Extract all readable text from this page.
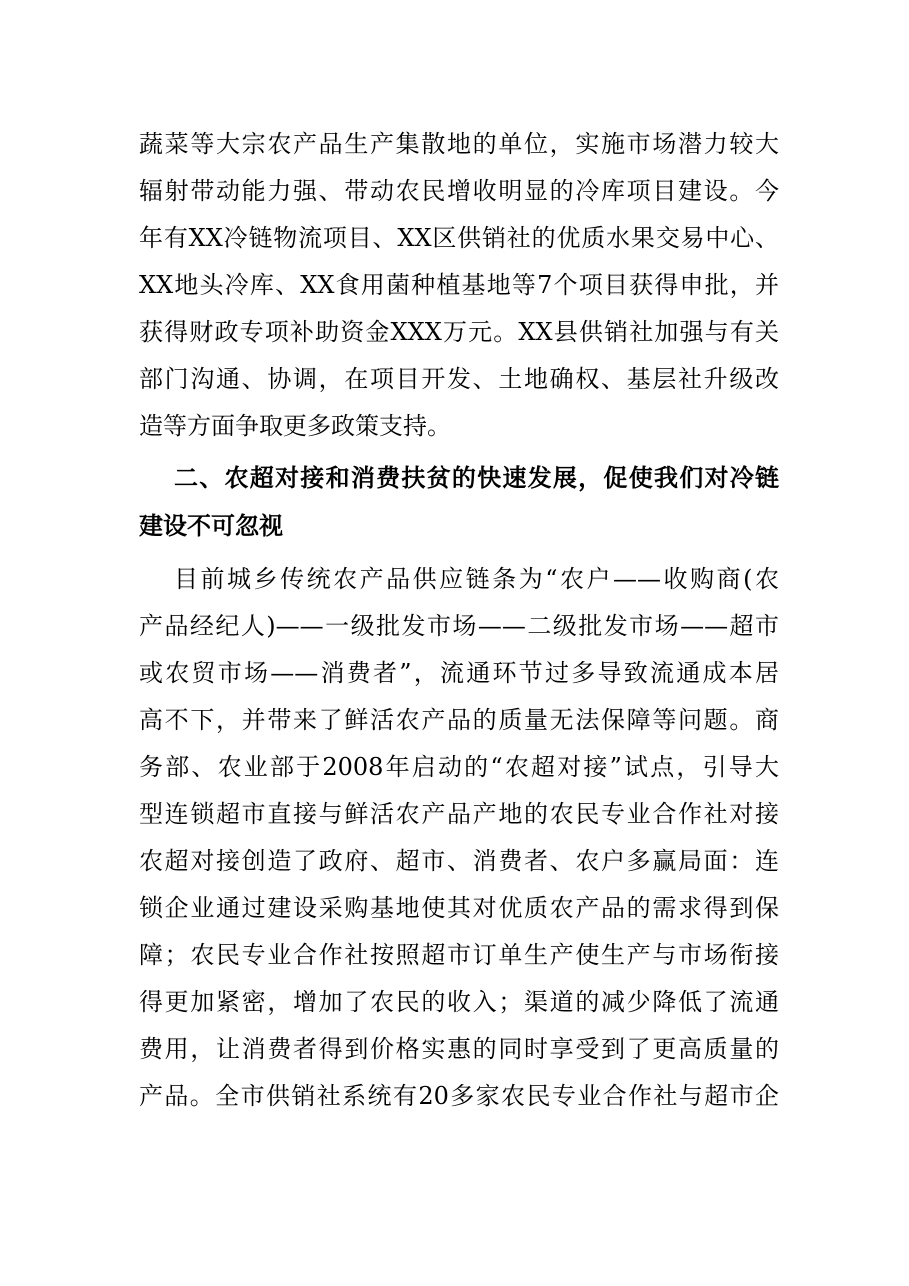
蔬菜等大宗农产品生产集散地的单位，实施市场潜力较大
辐射带动能力强、带动农民增收明显的冷库项目建设。今
年有XX冷链物流项目、XX区供销社的优质水果交易中心、
XX地头冷库、XX食用菌种植基地等7个项目获得申批，并
获得财政专项补助资金XXX万元。XX县供销社加强与有关
部门沟通、协调，在项目开发、土地确权、基层社升级改
造等方面争取更多政策支持。
二、农超对接和消费扶贫的快速发展，促使我们对冷链
建设不可忽视
目前城乡传统农产品供应链条为“农户——收购商(农
产品经纪人)——一级批发市场——二级批发市场——超市
或农贸市场——消费者”，流通环节过多导致流通成本居
高不下，并带来了鲜活农产品的质量无法保障等问题。商
务部、农业部于2008年启动的“农超对接”试点，引导大
型连锁超市直接与鲜活农产品产地的农民专业合作社对接
农超对接创造了政府、超市、消费者、农户多赢局面：连
锁企业通过建设采购基地使其对优质农产品的需求得到保
障；农民专业合作社按照超市订单生产使生产与市场衔接
得更加紧密，增加了农民的收入；渠道的减少降低了流通
费用，让消费者得到价格实惠的同时享受到了更高质量的
产品。全市供销社系统有20多家农民专业合作社与超市企
